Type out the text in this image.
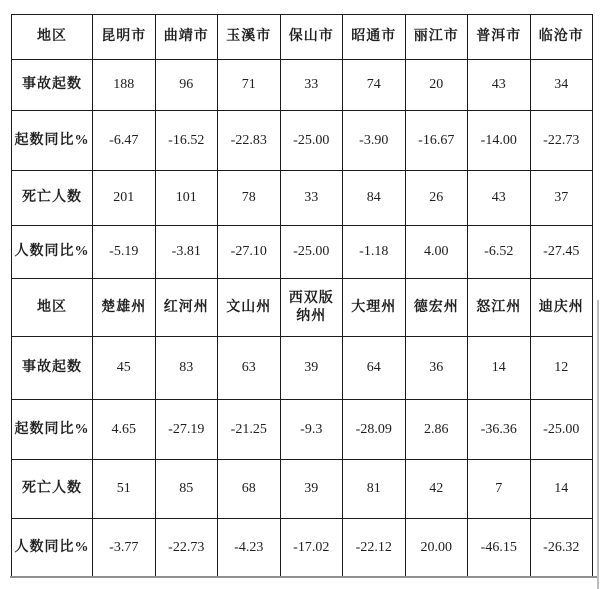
地区	昆明市	曲靖市	玉溪市	保山市	昭通市	丽江市	普洱市	临沧市
事故起数	188	96	71	33	74	20	43	34
起数同比%	-6.47	-16.52	-22.83	-25.00	-3.90	-16.67	-14.00	-22.73
死亡人数	201	101	78	33	84	26	43	37
人数同比%	-5.19	-3.81	-27.10	-25.00	-1.18	4.00	-6.52	-27.45
地区	楚雄州	红河州	文山州	西双版纳州	大理州	德宏州	怒江州	迪庆州
事故起数	45	83	63	39	64	36	14	12
起数同比%	4.65	-27.19	-21.25	-9.3	-28.09	2.86	-36.36	-25.00
死亡人数	51	85	68	39	81	42	7	14
人数同比%	-3.77	-22.73	-4.23	-17.02	-22.12	20.00	-46.15	-26.32
